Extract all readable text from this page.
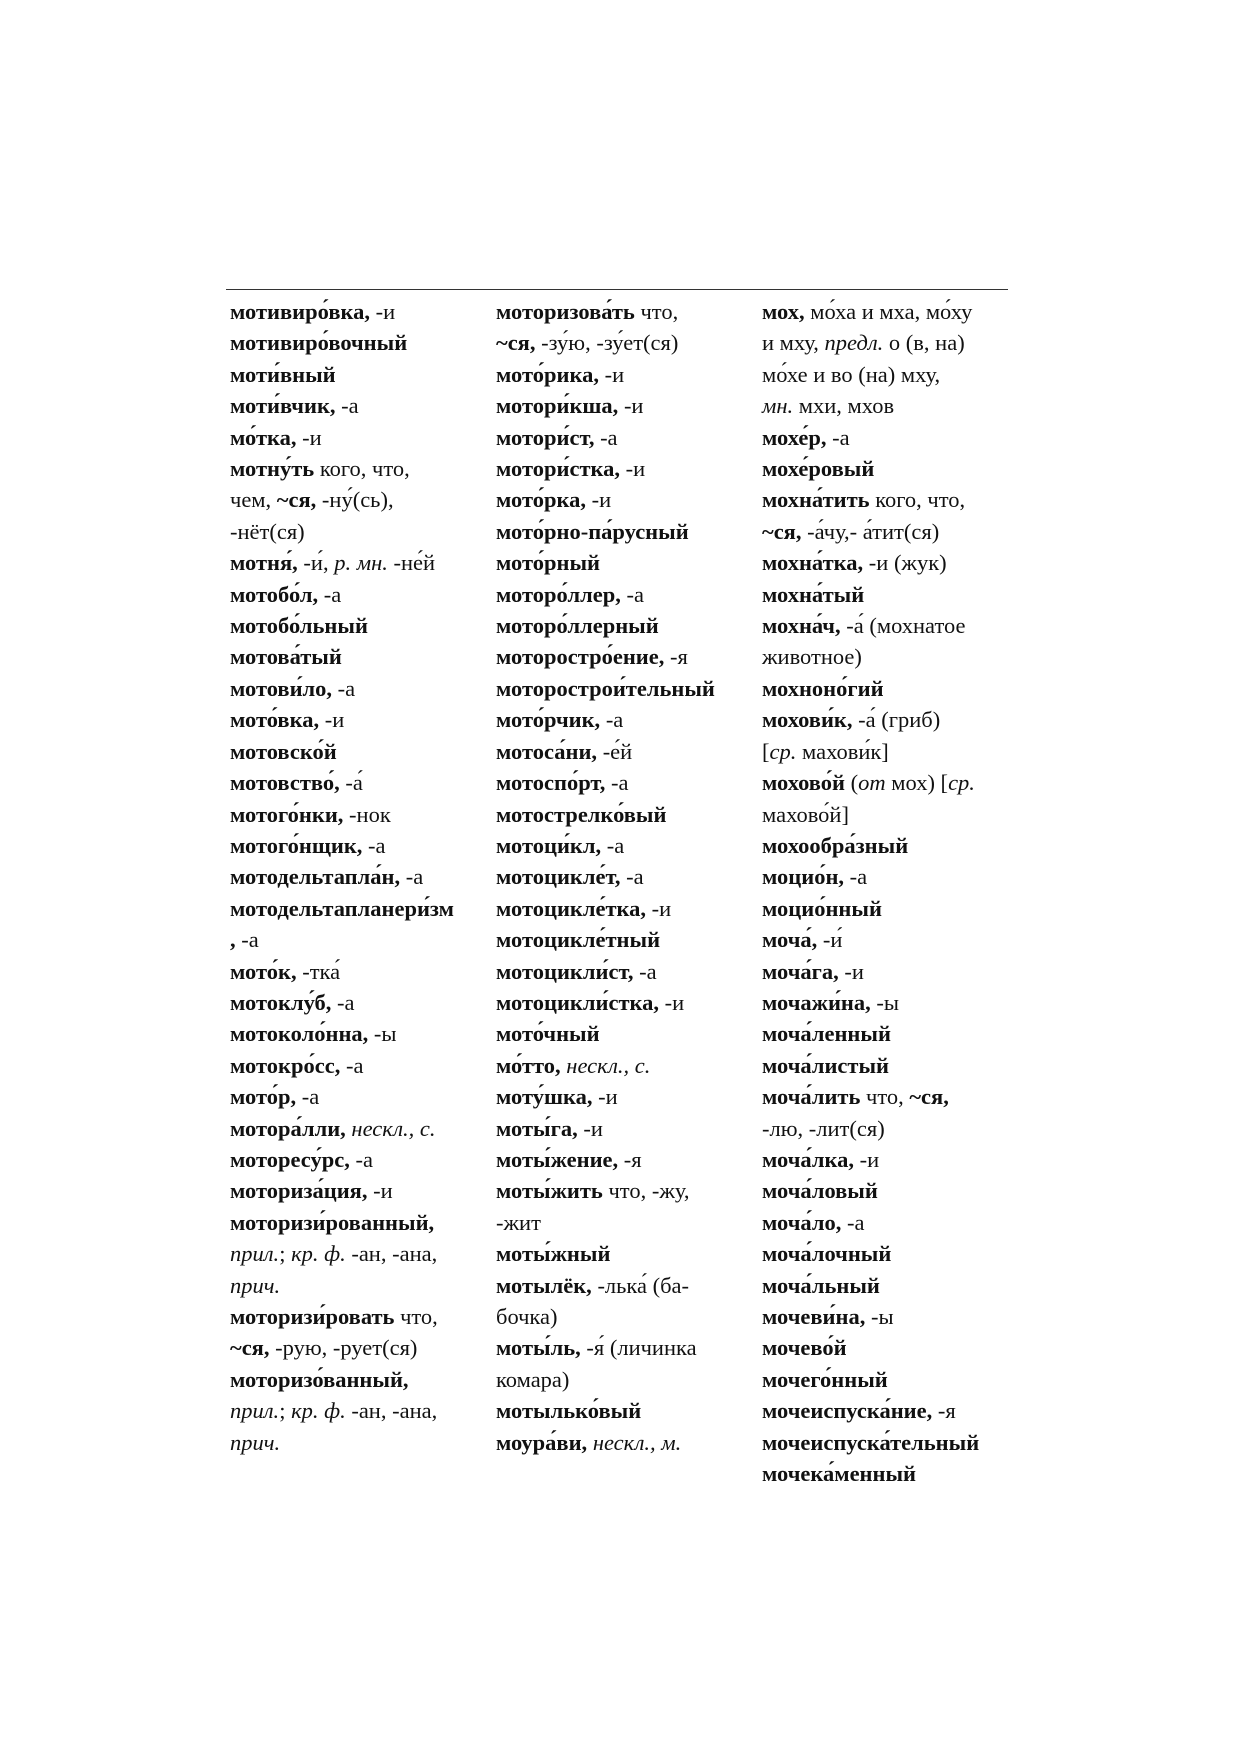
мотивиро́вка, -и
мотивиро́вочный
моти́вный
моти́вчик, -а
мо́тка, -и
мотну́ть кого, что,
чем, ~ся, -ну́(сь),
-нёт(ся)
мотня́, -и́, р. мн. -не́й
мотобо́л, -а
мотобо́льный
мотова́тый
мотови́ло, -а
мото́вка, -и
мотовско́й
мотовство́, -а́
мотого́нки, -нок
мотого́нщик, -а
мотодельтапла́н, -а
мотодельтапланери́зм
, -а
мото́к, -тка́
мотоклу́б, -а
мотоколо́нна, -ы
мотокро́сс, -а
мото́р, -а
мотора́лли, нескл., с.
моторесу́рс, -а
моториза́ция, -и
моторизи́рованный,
прил.; кр. ф. -ан, -ана,
прич.
моторизи́ровать что,
~ся, -рую, -рует(ся)
моторизо́ванный,
прил.; кр. ф. -ан, -ана,
прич.
моторизова́ть что,
~ся, -зу́ю, -зу́ет(ся)
мото́рика, -и
мотори́кша, -и
мотори́ст, -а
мотори́стка, -и
мото́рка, -и
мото́рно-па́русный
мото́рный
моторо́ллер, -а
моторо́ллерный
моторостро́ение, -я
моторострои́тельный
мото́рчик, -а
мотоса́ни, -е́й
мотоспо́рт, -а
мотострелко́вый
мотоци́кл, -а
мотоцикле́т, -а
мотоцикле́тка, -и
мотоцикле́тный
мотоцикли́ст, -а
мотоцикли́стка, -и
мото́чный
мо́тто, нескл., с.
моту́шка, -и
моты́га, -и
моты́жение, -я
моты́жить что, -жу,
-жит
моты́жный
мотылёк, -лька́ (ба-
бочка)
моты́ль, -я́ (личинка
комара)
мотылько́вый
моура́ви, нескл., м.
мох, мо́ха и мха, мо́ху
и мху, предл. о (в, на)
мо́хе и во (на) мху,
мн. мхи, мхов
мохе́р, -а
мохе́ровый
мохна́тить кого, что,
~ся, -а́чу,- а́тит(ся)
мохна́тка, -и (жук)
мохна́тый
мохна́ч, -а́ (мохнатое
животное)
мохноно́гий
мохови́к, -а́ (гриб)
[ср. махови́к]
мохово́й (от мох) [ср.
махово́й]
мохообра́зный
моцио́н, -а
моцио́нный
моча́, -и́
моча́га, -и
мочажи́на, -ы
моча́ленный
моча́листый
моча́лить что, ~ся,
-лю, -лит(ся)
моча́лка, -и
моча́ловый
моча́ло, -а
моча́лочный
моча́льный
мочеви́на, -ы
мочево́й
мочего́нный
мочеиспуска́ние, -я
мочеиспуска́тельный
мочека́менный
